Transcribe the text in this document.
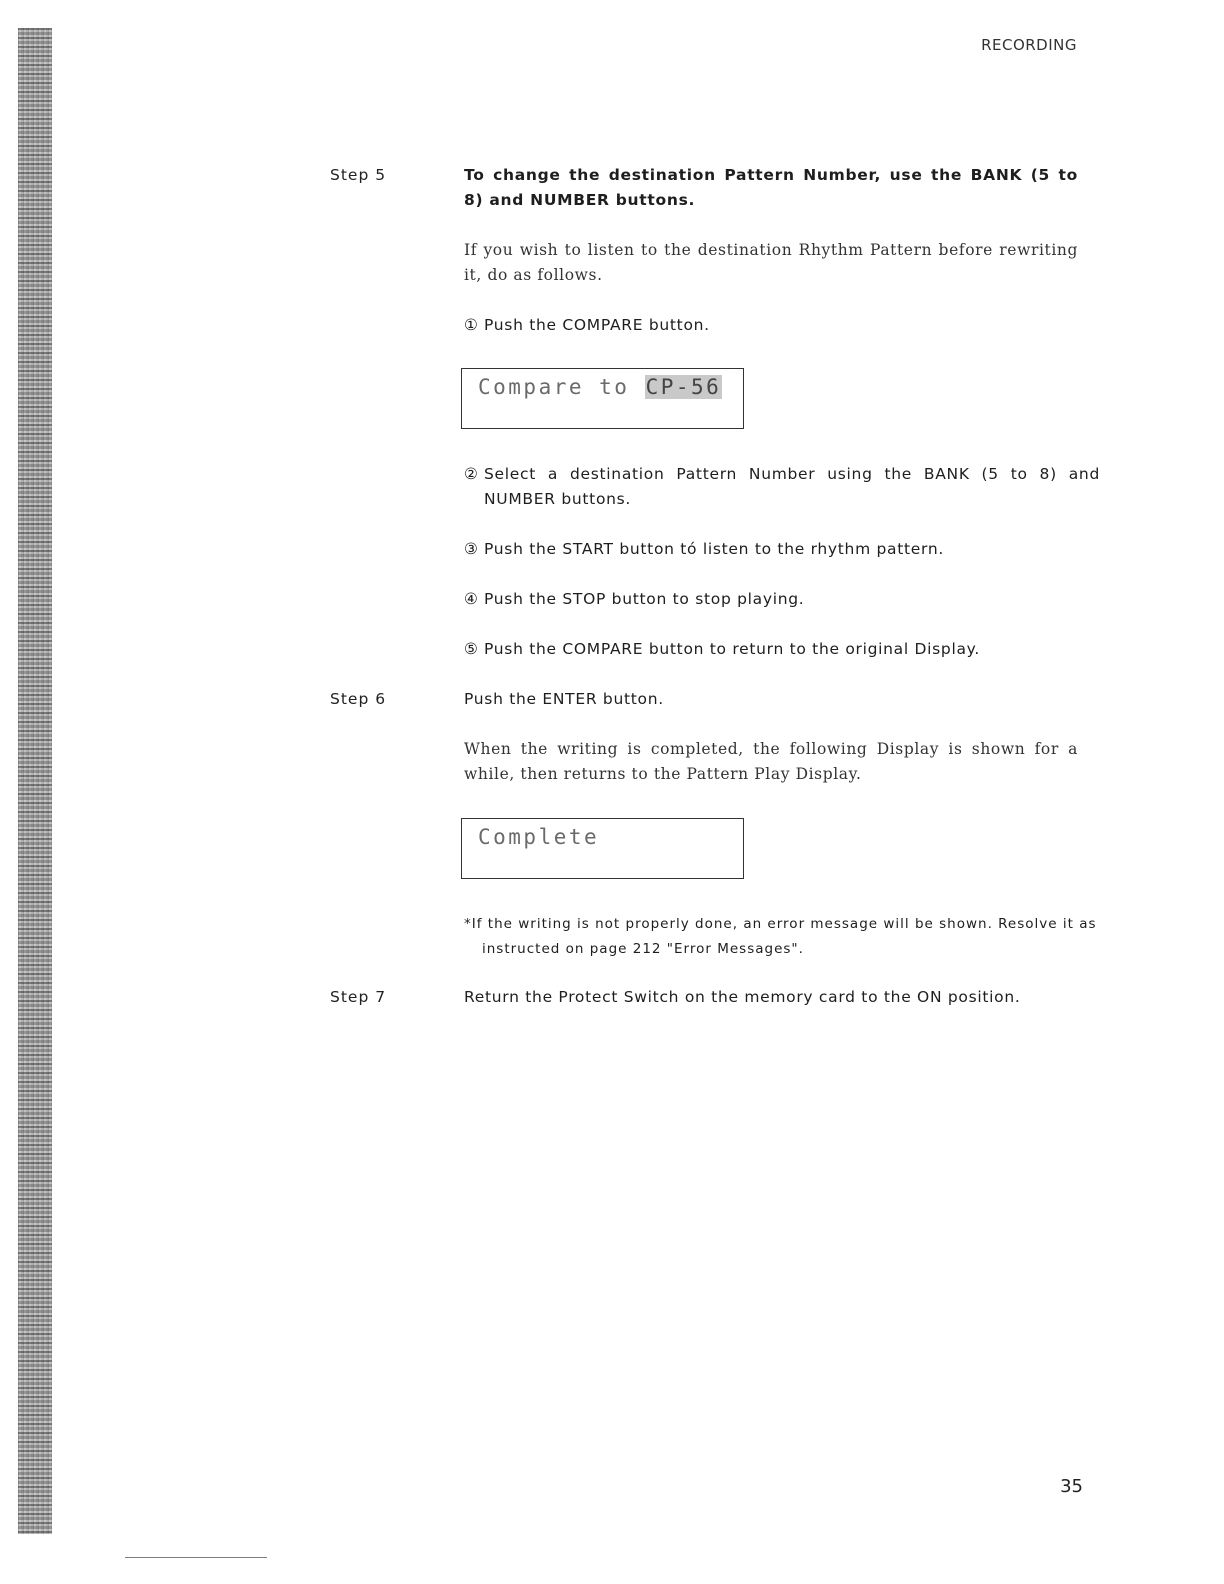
RECORDING
Step 5	To change the destination Pattern Number, use the BANK (5 to 8) and NUMBER buttons.
If you wish to listen to the destination Rhythm Pattern before rewriting it, do as follows.
① Push the COMPARE button.
Compare to CP-56
② Select a destination Pattern Number using the BANK (5 to 8) and NUMBER buttons.
③ Push the START button tó listen to the rhythm pattern.
④ Push the STOP button to stop playing.
⑤ Push the COMPARE button to return to the original Display.
Step 6	Push the ENTER button.
When the writing is completed, the following Display is shown for a while, then returns to the Pattern Play Display.
Complete
*If the writing is not properly done, an error message will be shown. Resolve it as instructed on page 212 "Error Messages".
Step 7	Return the Protect Switch on the memory card to the ON position.
35
